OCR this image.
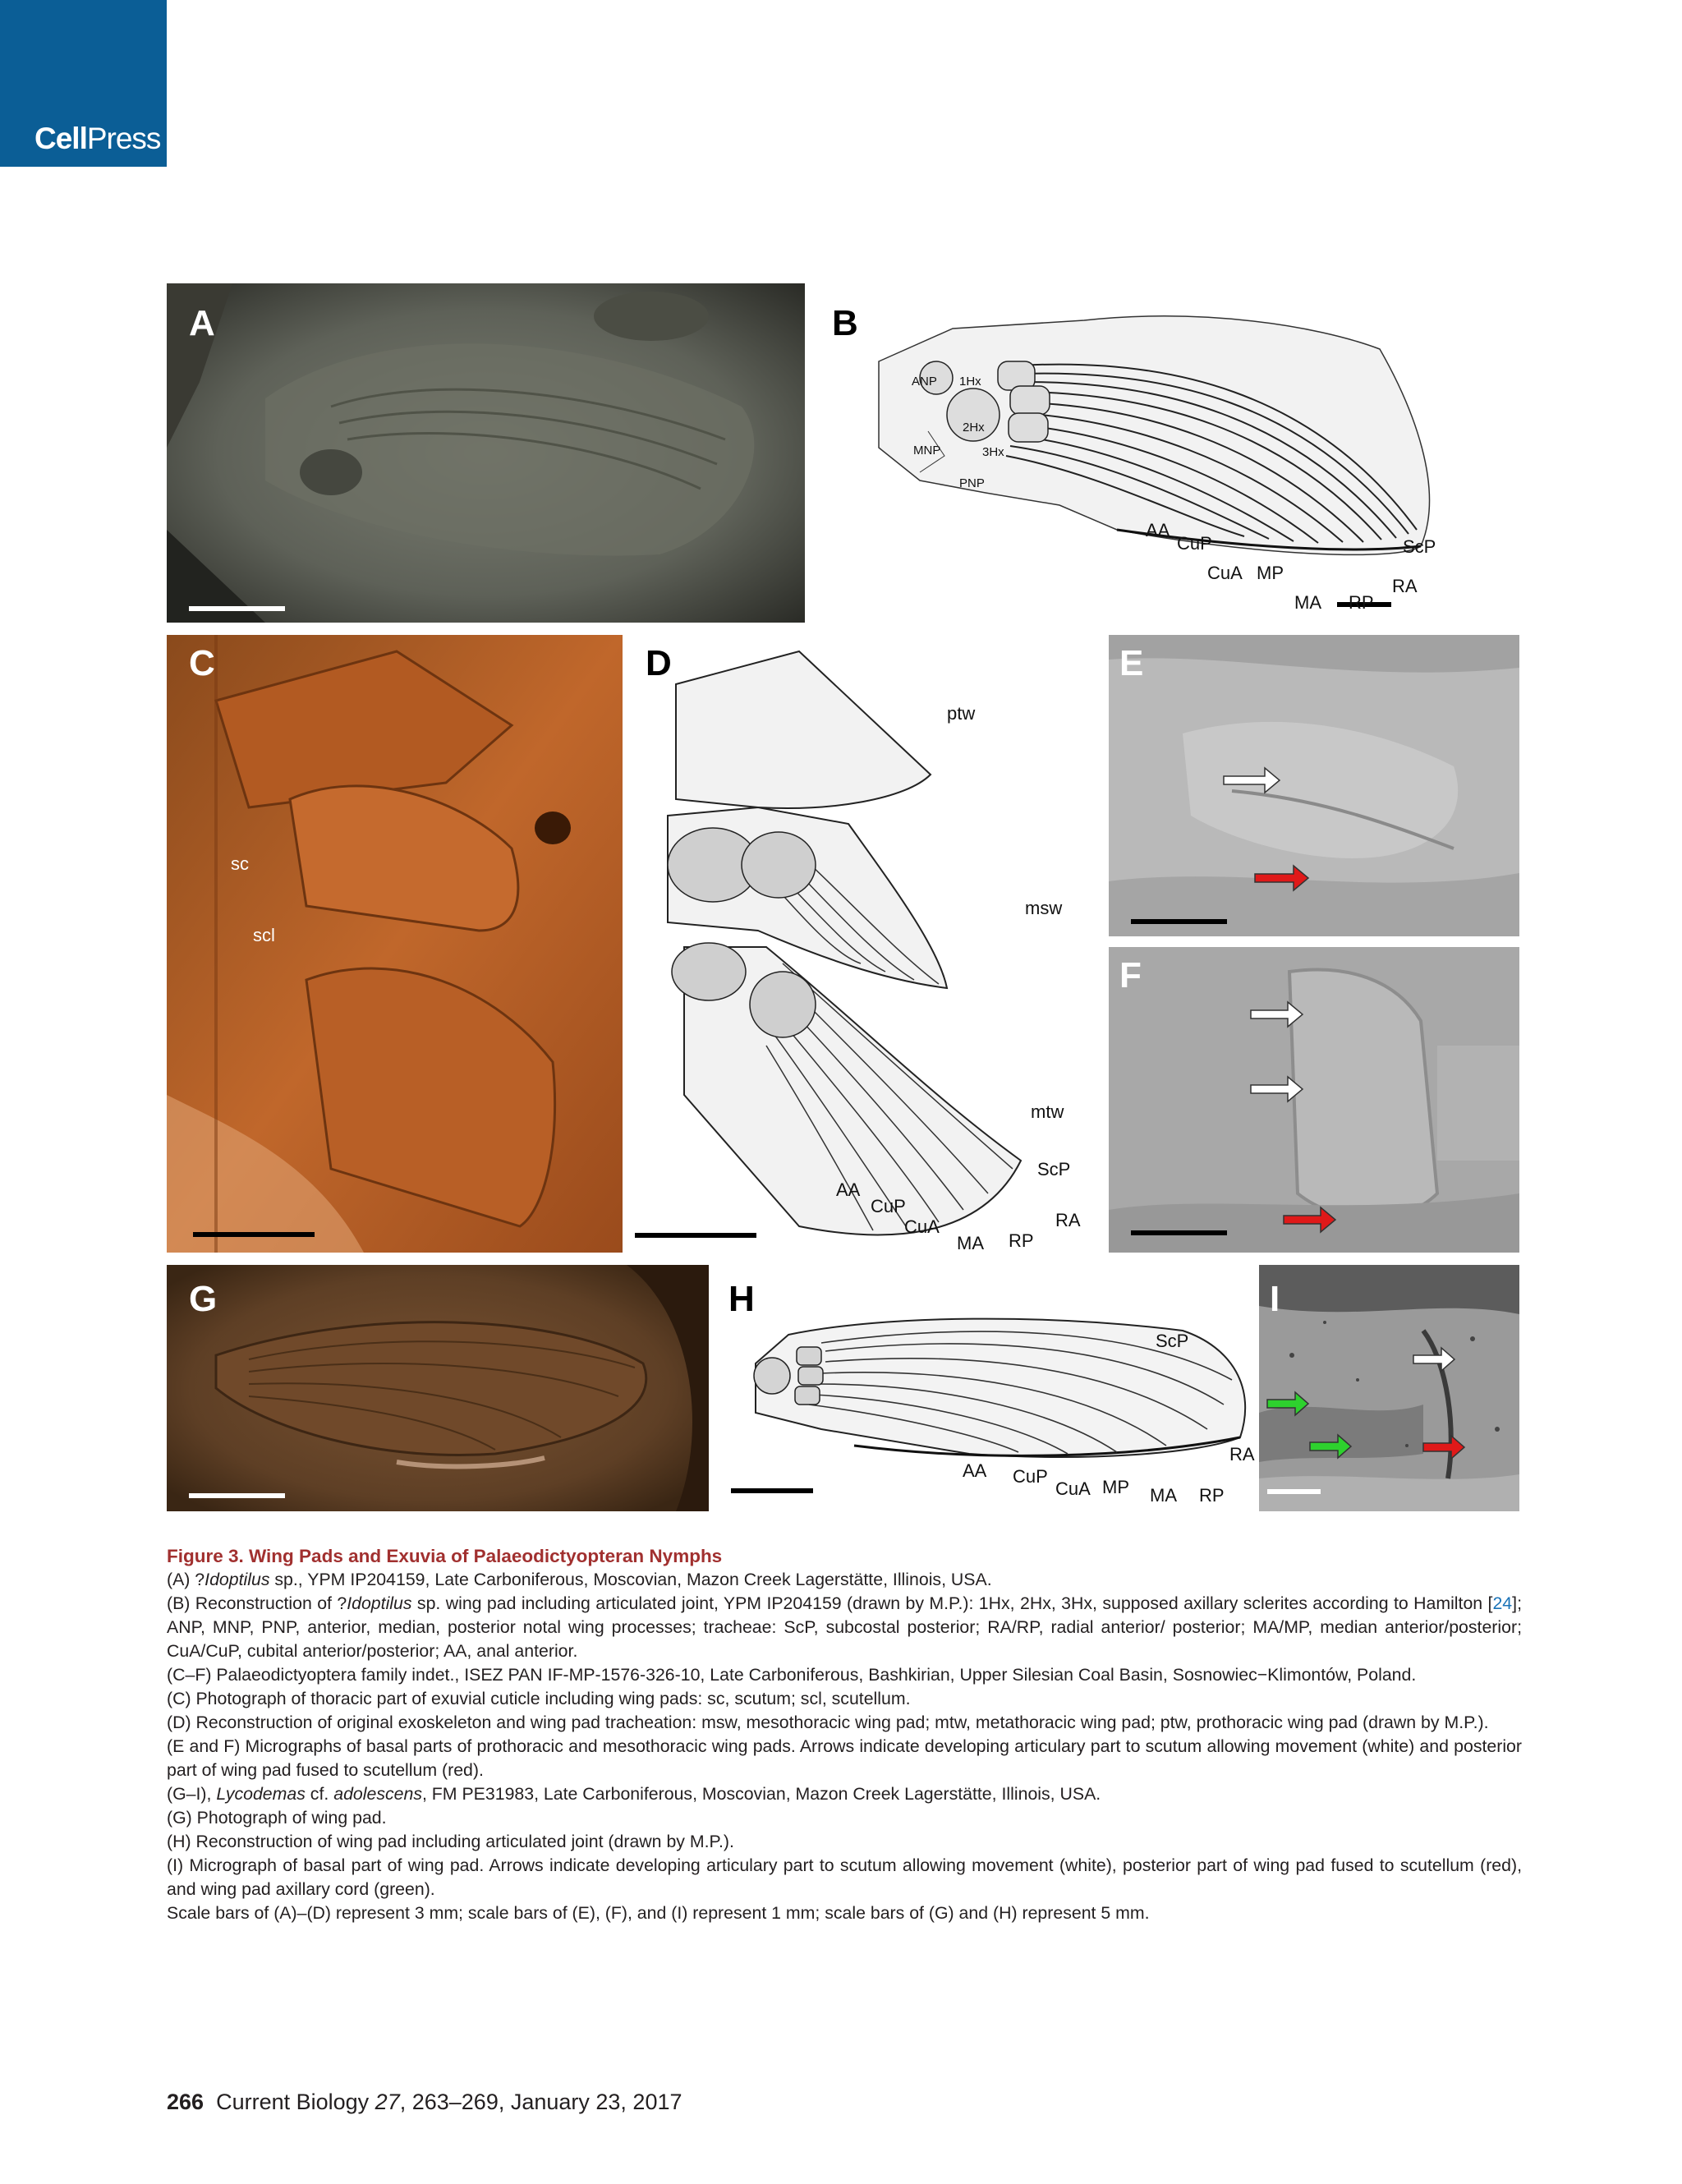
CellPress
A	B
ANP 1Hx
2Hx
MNP	3Hx
PNP
AA
CuP
CuA MP
MA RP
RA
ScP
C
sc
scl
D
ptw
msw
mtw
ScP
RA
AA
CuP
CuA
MA RP
E
F
G	H
ScP
RA
AA CuP
CuA MP MA RP
I

Figure 3. Wing Pads and Exuvia of Palaeodictyopteran Nymphs

(A) ?Idoptilus sp., YPM IP204159, Late Carboniferous, Moscovian, Mazon Creek Lagerstätte, Illinois, USA.

(B) Reconstruction of ?Idoptilus sp. wing pad including articulated joint, YPM IP204159 (drawn by M.P.): 1Hx, 2Hx, 3Hx, supposed axillary sclerites according to Hamilton [24]; ANP, MNP, PNP, anterior, median, posterior notal wing processes; tracheae: ScP, subcostal posterior; RA/RP, radial anterior/ posterior; MA/MP, median anterior/posterior; CuA/CuP, cubital anterior/posterior; AA, anal anterior.

(C–F) Palaeodictyoptera family indet., ISEZ PAN IF-MP-1576-326-10, Late Carboniferous, Bashkirian, Upper Silesian Coal Basin, Sosnowiec−Klimontów, Poland.

(C) Photograph of thoracic part of exuvial cuticle including wing pads: sc, scutum; scl, scutellum.

(D) Reconstruction of original exoskeleton and wing pad tracheation: msw, mesothoracic wing pad; mtw, metathoracic wing pad; ptw, prothoracic wing pad (drawn by M.P.).

(E and F) Micrographs of basal parts of prothoracic and mesothoracic wing pads. Arrows indicate developing articulary part to scutum allowing movement (white) and posterior part of wing pad fused to scutellum (red).

(G–I), Lycodemas cf. adolescens, FM PE31983, Late Carboniferous, Moscovian, Mazon Creek Lagerstätte, Illinois, USA.

(G) Photograph of wing pad.

(H) Reconstruction of wing pad including articulated joint (drawn by M.P.).

(I) Micrograph of basal part of wing pad. Arrows indicate developing articulary part to scutum allowing movement (white), posterior part of wing pad fused to scutellum (red), and wing pad axillary cord (green).

Scale bars of (A)–(D) represent 3 mm; scale bars of (E), (F), and (I) represent 1 mm; scale bars of (G) and (H) represent 5 mm.

266 Current Biology 27, 263–269, January 23, 2017
